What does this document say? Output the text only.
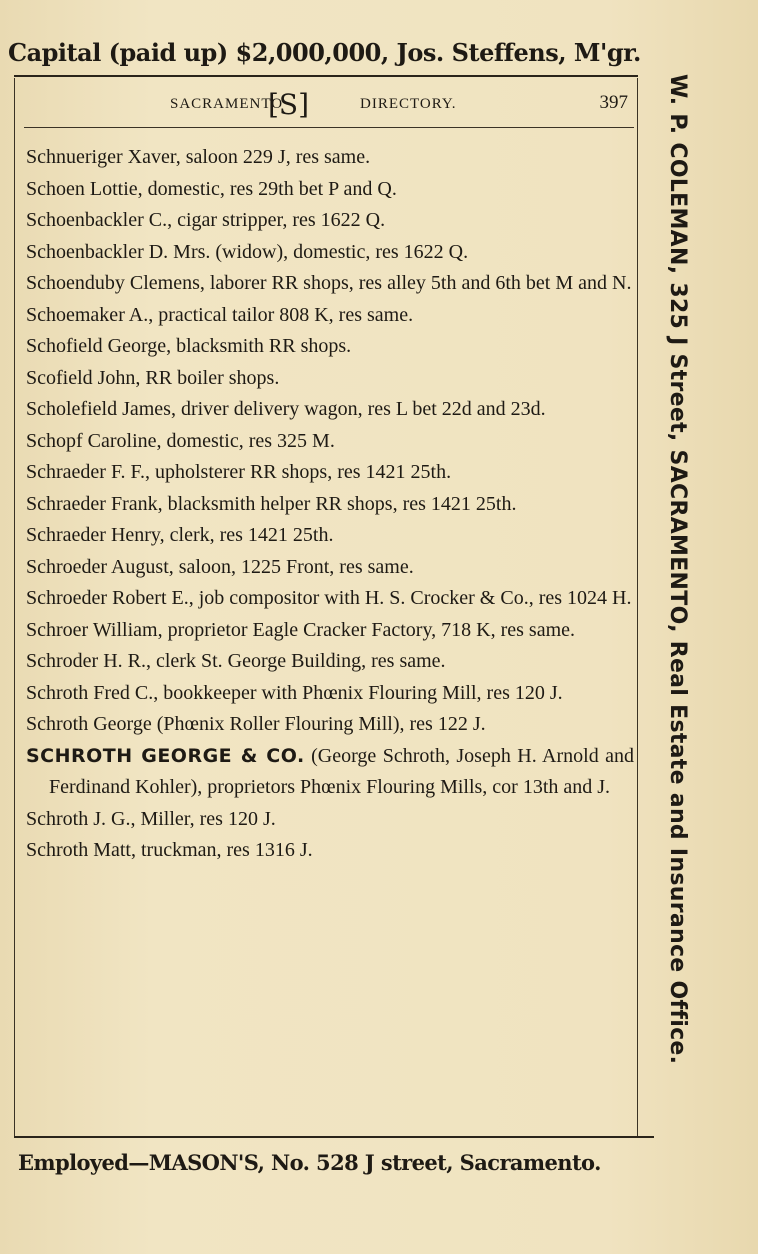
Capital (paid up) $2,000,000, Jos. Steffens, M'gr.
SACRAMENTO
[S]	DIRECTORY.	397

Schnueriger Xaver, saloon 229 J, res same.

Schoen Lottie, domestic, res 29th bet P and Q.

Schoenbackler C., cigar stripper, res 1622 Q.

Schoenbackler D. Mrs. (widow), domestic, res 1622 Q.

Schoenduby Clemens, laborer RR shops, res alley 5th and 6th bet M and N.

Schoemaker A., practical tailor 808 K, res same.

Schofield George, blacksmith RR shops.

Scofield John, RR boiler shops.

Scholefield James, driver delivery wagon, res L bet 22d and 23d.

Schopf Caroline, domestic, res 325 M.

Schraeder F. F., upholsterer RR shops, res 1421 25th.

Schraeder Frank, blacksmith helper RR shops, res 1421 25th.

Schraeder Henry, clerk, res 1421 25th.

Schroeder August, saloon, 1225 Front, res same.

Schroeder Robert E., job compositor with H. S. Crocker & Co., res 1024 H.

Schroer William, proprietor Eagle Cracker Factory, 718 K, res same.

Schroder H. R., clerk St. George Building, res same.

Schroth Fred C., bookkeeper with Phœnix Flouring Mill, res 120 J.

Schroth George (Phœnix Roller Flouring Mill), res 122 J.

SCHROTH GEORGE & CO. (George Schroth, Joseph H. Arnold and Ferdinand Kohler), proprietors Phœnix Flouring Mills, cor 13th and J.

Schroth J. G., Miller, res 120 J.

Schroth Matt, truckman, res 1316 J.	W. P. COLEMAN, 325 J Street, SACRAMENTO, Real Estate and Insurance Office.
Employed—MASON'S, No. 528 J street, Sacramento.
